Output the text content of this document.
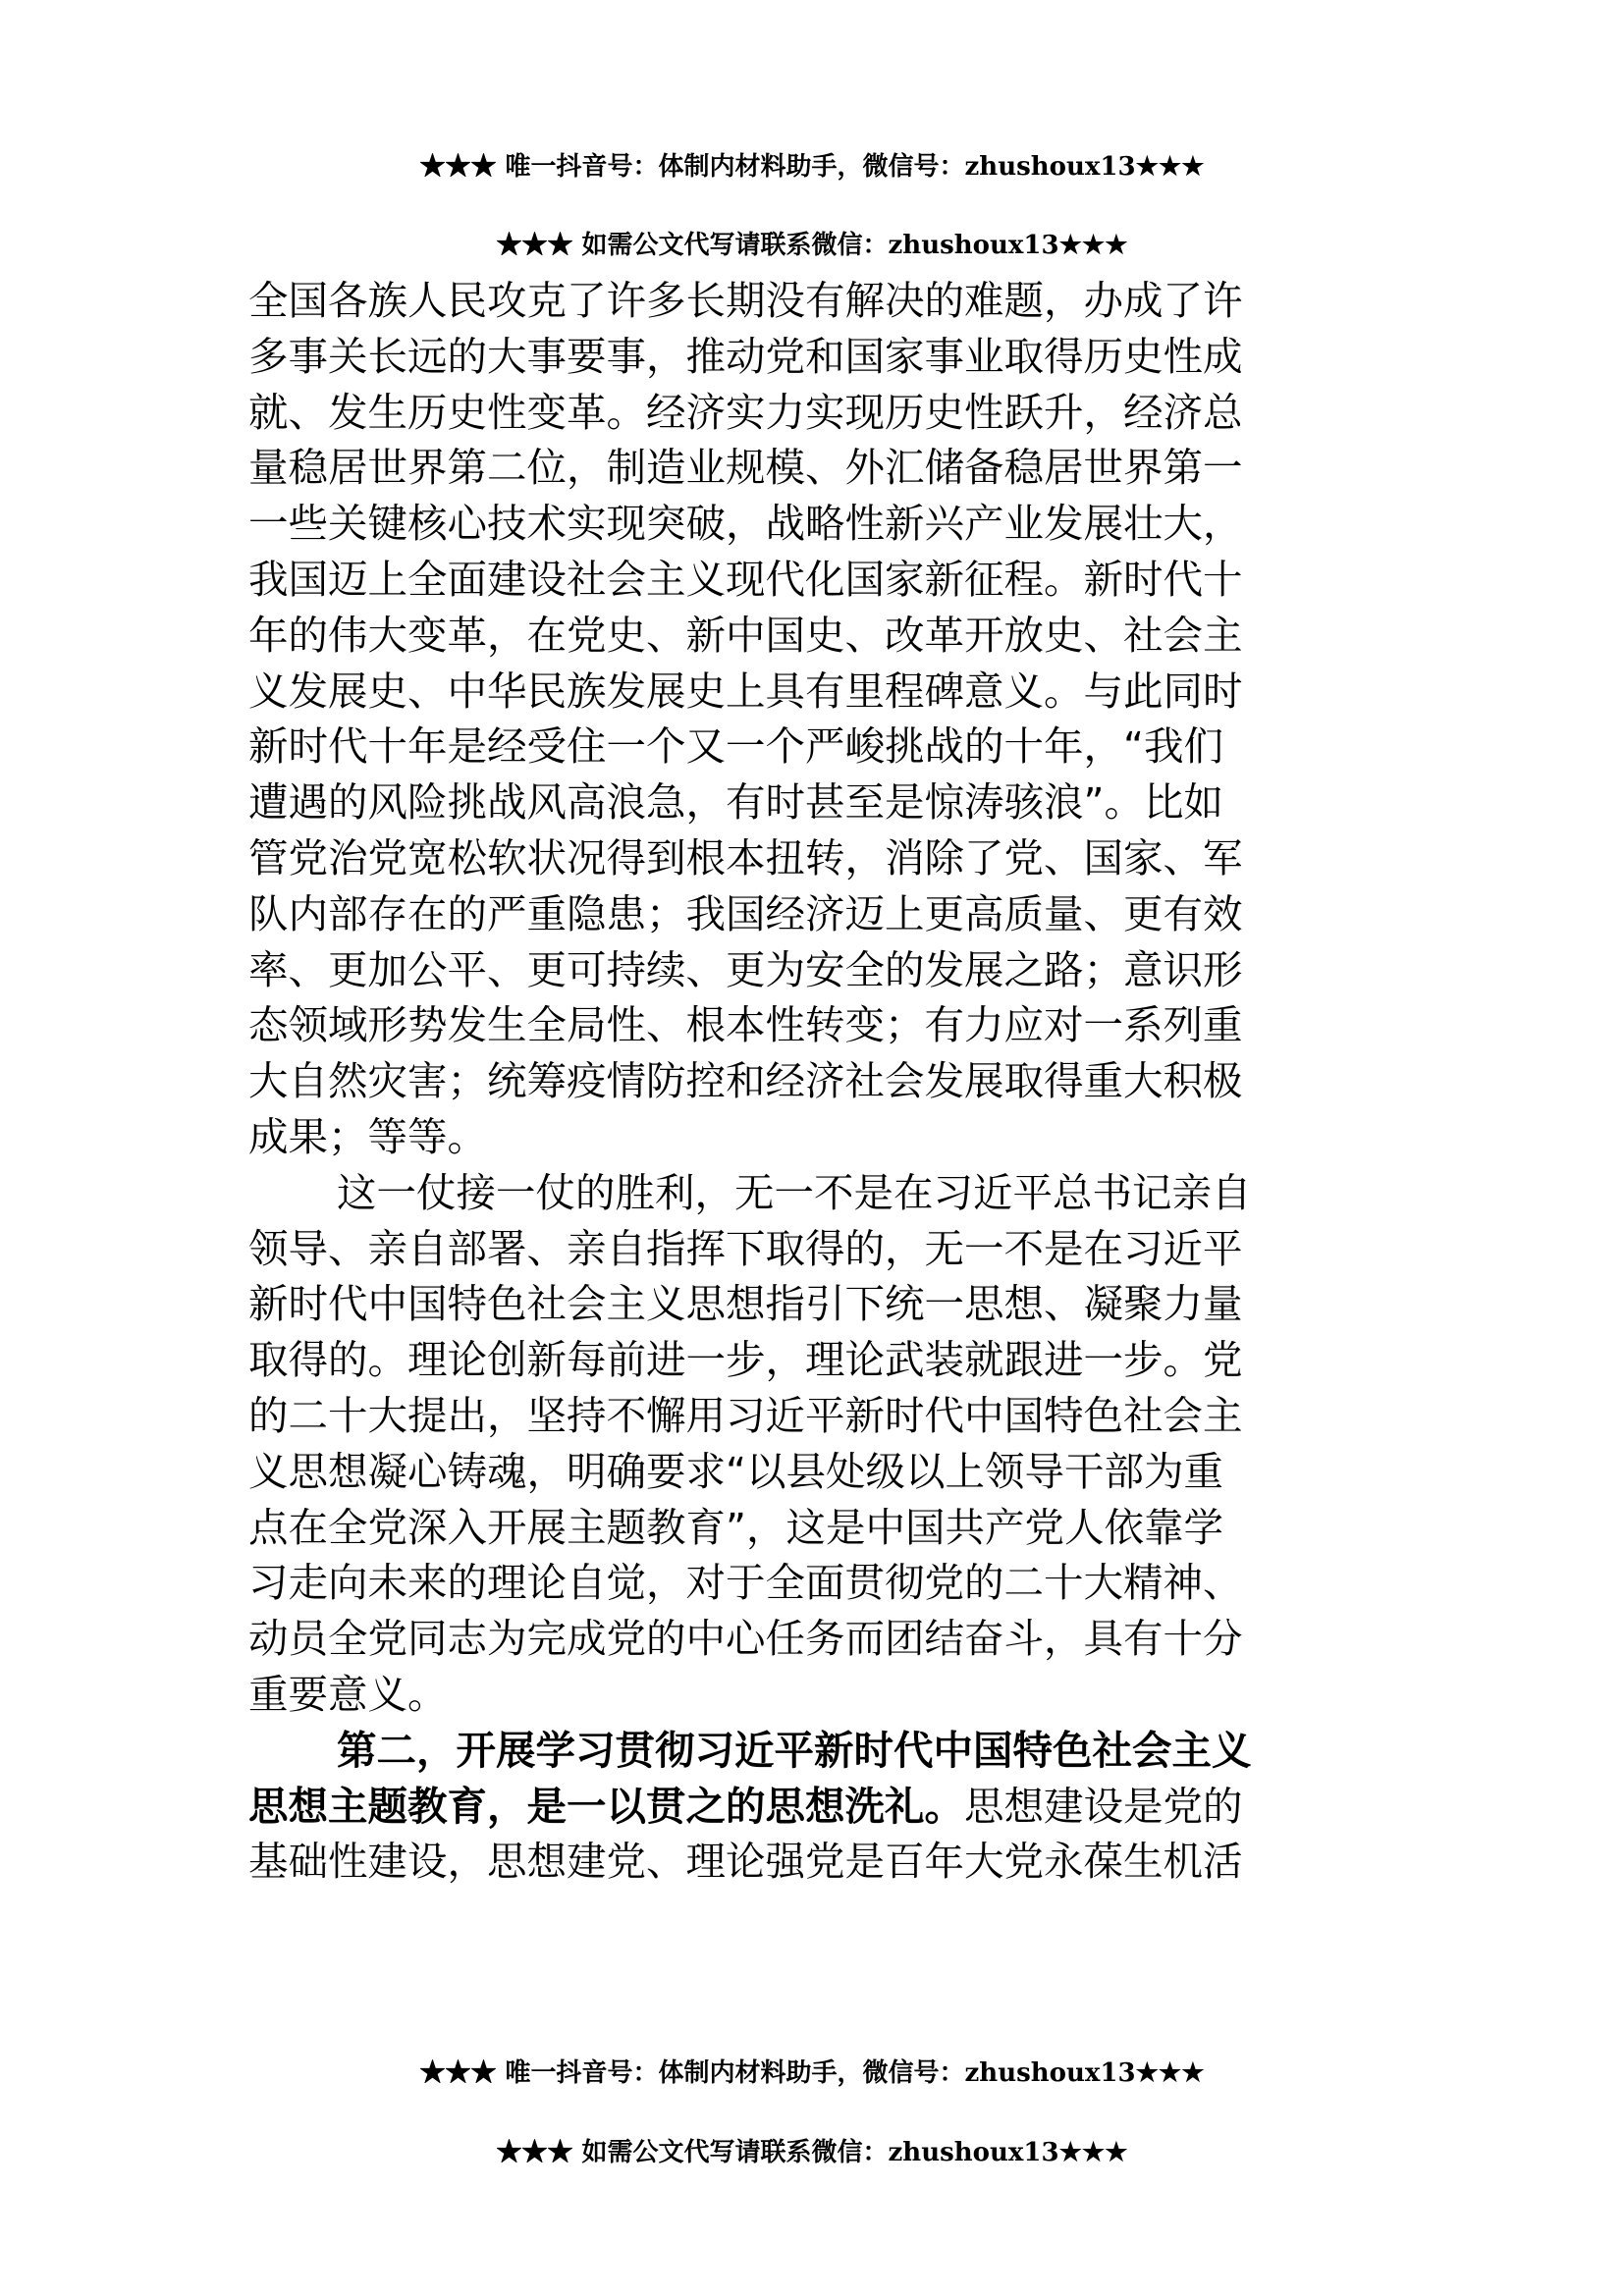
★★★ 唯一抖音号：体制内材料助手，微信号：zhushoux13★★★
★★★ 如需公文代写请联系微信：zhushoux13★★★
全国各族人民攻克了许多长期没有解决的难题，办成了许
多事关长远的大事要事，推动党和国家事业取得历史性成
就、发生历史性变革。经济实力实现历史性跃升，经济总
量稳居世界第二位，制造业规模、外汇储备稳居世界第一
一些关键核心技术实现突破，战略性新兴产业发展壮大，
我国迈上全面建设社会主义现代化国家新征程。新时代十
年的伟大变革，在党史、新中国史、改革开放史、社会主
义发展史、中华民族发展史上具有里程碑意义。与此同时
新时代十年是经受住一个又一个严峻挑战的十年，“我们
遭遇的风险挑战风高浪急，有时甚至是惊涛骇浪”。比如
管党治党宽松软状况得到根本扭转，消除了党、国家、军
队内部存在的严重隐患；我国经济迈上更高质量、更有效
率、更加公平、更可持续、更为安全的发展之路；意识形
态领域形势发生全局性、根本性转变；有力应对一系列重
大自然灾害；统筹疫情防控和经济社会发展取得重大积极
成果；等等。
这一仗接一仗的胜利，无一不是在习近平总书记亲自
领导、亲自部署、亲自指挥下取得的，无一不是在习近平
新时代中国特色社会主义思想指引下统一思想、凝聚力量
取得的。理论创新每前进一步，理论武装就跟进一步。党
的二十大提出，坚持不懈用习近平新时代中国特色社会主
义思想凝心铸魂，明确要求“以县处级以上领导干部为重
点在全党深入开展主题教育”，这是中国共产党人依靠学
习走向未来的理论自觉，对于全面贯彻党的二十大精神、
动员全党同志为完成党的中心任务而团结奋斗，具有十分
重要意义。
第二，开展学习贯彻习近平新时代中国特色社会主义
思想主题教育，是一以贯之的思想洗礼。思想建设是党的
基础性建设，思想建党、理论强党是百年大党永葆生机活
★★★ 唯一抖音号：体制内材料助手，微信号：zhushoux13★★★
★★★ 如需公文代写请联系微信：zhushoux13★★★
